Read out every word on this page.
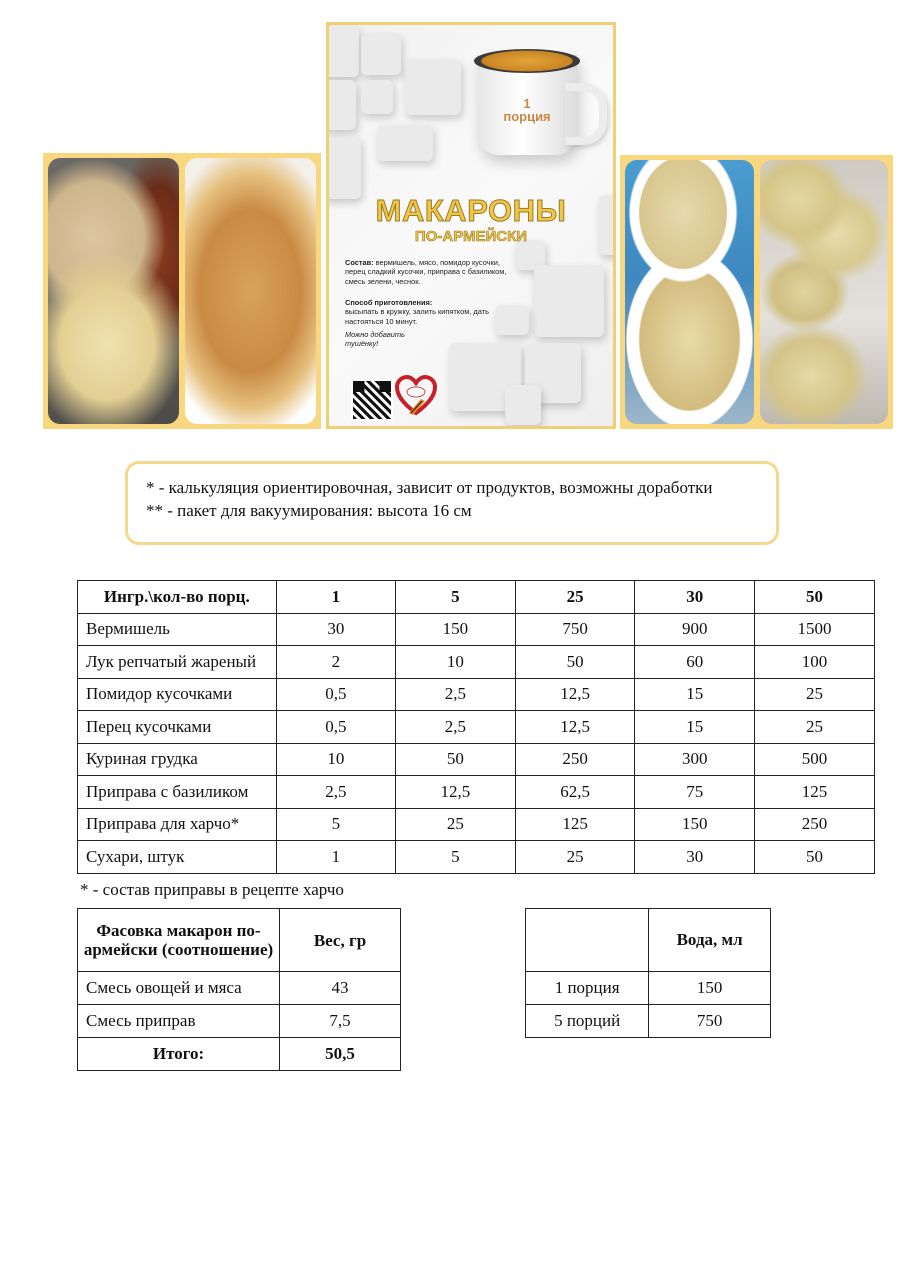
1
порция
МАКАРОНЫ
ПО-АРМЕЙСКИ
Состав: вермишель, мясо, помидор кусочки, перец сладкий кусочки, приправа с базиликом, смесь зелени, чеснок.
Способ приготовления:
высыпать в кружку, залить кипятком, дать настояться 10 минут.
Можно добавить
тушёнку!
* - калькуляция ориентировочная, зависит от продуктов, возможны доработки
** - пакет для вакуумирования: высота 16 см
Ингр.\кол-во порц.	1	5	25	30	50
Вермишель	30	150	750	900	1500
Лук репчатый жареный	2	10	50	60	100
Помидор кусочками	0,5	2,5	12,5	15	25
Перец кусочками	0,5	2,5	12,5	15	25
Куриная грудка	10	50	250	300	500
Приправа с базиликом	2,5	12,5	62,5	75	125
Приправа для харчо*	5	25	125	150	250
Сухари, штук	1	5	25	30	50
* - состав приправы в рецепте харчо
Фасовка макарон по-армейски (соотношение)	Вес, гр
Смесь овощей и мяса	43
Смесь приправ	7,5
Итого:	50,5
	Вода, мл
1 порция	150
5 порций	750
